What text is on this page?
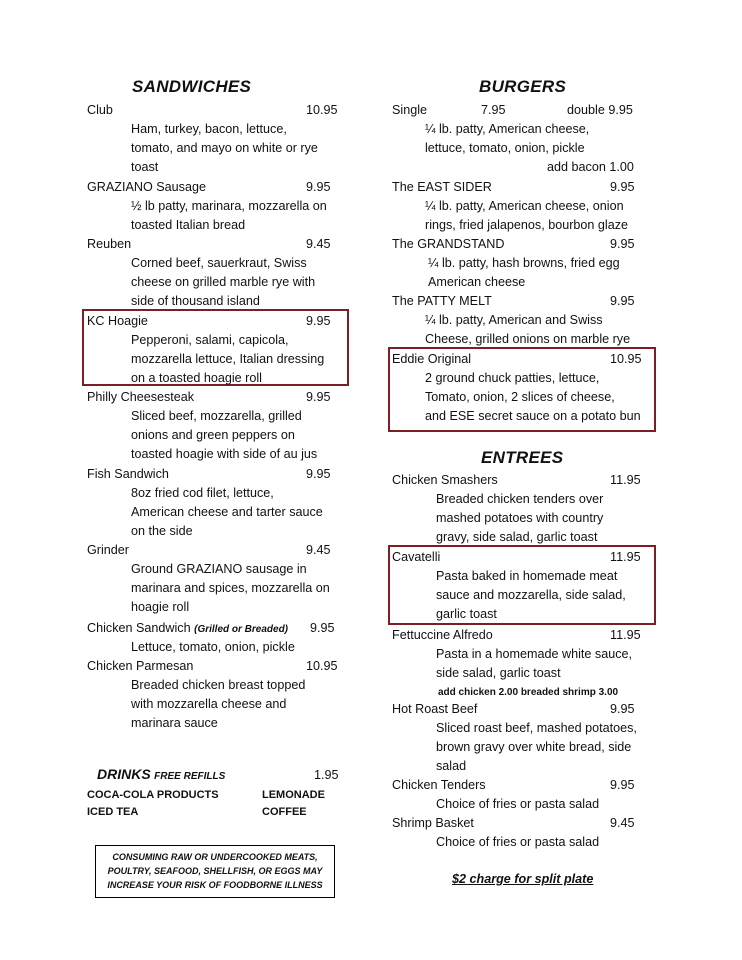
SANDWICHES
Club	10.95
Ham, turkey, bacon, lettuce,
tomato, and mayo on white or rye
toast
GRAZIANO Sausage	9.95
½ lb patty, marinara, mozzarella on
toasted Italian bread
Reuben	9.45
Corned beef, sauerkraut, Swiss
cheese on grilled marble rye with
side of thousand island
KC Hoagie	9.95
Pepperoni, salami, capicola,
mozzarella lettuce, Italian dressing
on a toasted hoagie roll
Philly Cheesesteak	9.95
Sliced beef, mozzarella, grilled
onions and green peppers on
toasted hoagie with side of au jus
Fish Sandwich	9.95
8oz fried cod filet, lettuce,
American cheese and tarter sauce
on the side
Grinder	9.45
Ground GRAZIANO sausage in
marinara and spices, mozzarella on
hoagie roll
Chicken Sandwich (Grilled or Breaded) 9.95
Lettuce, tomato, onion, pickle
Chicken Parmesan	10.95
Breaded chicken breast topped
with mozzarella cheese and
marinara sauce
DRINKS FREE REFILLS	1.95
COCA-COLA PRODUCTS	LEMONADE
ICED TEA	COFFEE
CONSUMING RAW OR UNDERCOOKED MEATS,
POULTRY, SEAFOOD, SHELLFISH, OR EGGS MAY
INCREASE YOUR RISK OF FOODBORNE ILLNESS
BURGERS
Single	7.95	double 9.95
¼ lb. patty, American cheese,
lettuce, tomato, onion, pickle
add bacon 1.00
The EAST SIDER	9.95
¼ lb. patty, American cheese, onion
rings, fried jalapenos, bourbon glaze
The GRANDSTAND	9.95
¼ lb. patty, hash browns, fried egg
American cheese
The PATTY MELT	9.95
¼ lb. patty, American and Swiss
Cheese, grilled onions on marble rye
Eddie Original	10.95
2 ground chuck patties, lettuce,
Tomato, onion, 2 slices of cheese,
and ESE secret sauce on a potato bun
ENTREES
Chicken Smashers	11.95
Breaded chicken tenders over
mashed potatoes with country
gravy, side salad, garlic toast
Cavatelli	11.95
Pasta baked in homemade meat
sauce and mozzarella, side salad,
garlic toast
Fettuccine Alfredo	11.95
Pasta in a homemade white sauce,
side salad, garlic toast
add chicken 2.00 breaded shrimp 3.00
Hot Roast Beef	9.95
Sliced roast beef, mashed potatoes,
brown gravy over white bread, side
salad
Chicken Tenders	9.95
Choice of fries or pasta salad
Shrimp Basket	9.45
Choice of fries or pasta salad
$2 charge for split plate
